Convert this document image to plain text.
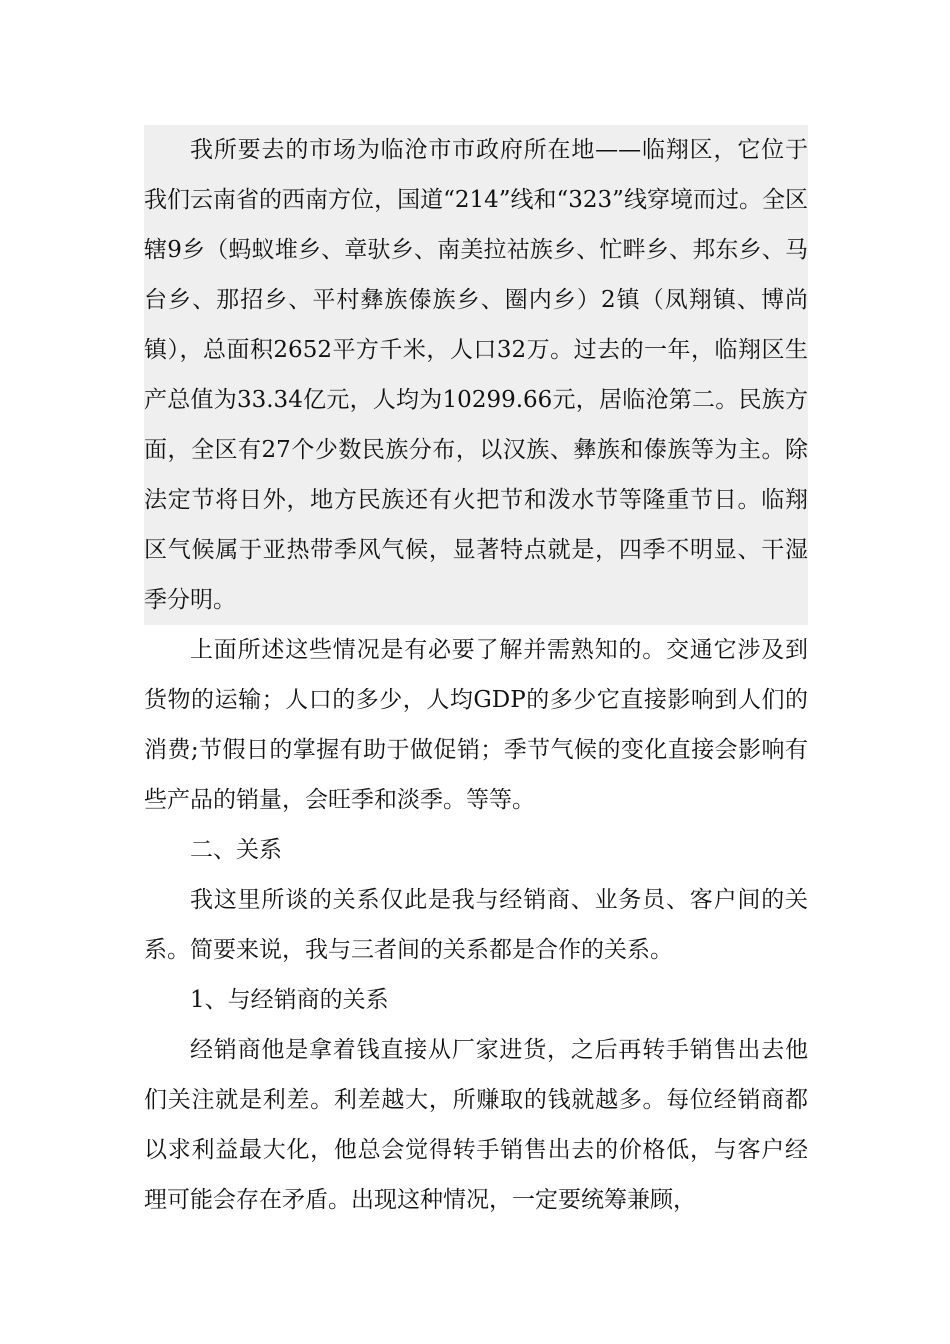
我所要去的市场为临沧市市政府所在地——临翔区，它位于我们云南省的西南方位，国道“214”线和“323”线穿境而过。全区辖9乡（蚂蚁堆乡、章驮乡、南美拉祜族乡、忙畔乡、邦东乡、马台乡、那招乡、平村彝族傣族乡、圈内乡）2镇（凤翔镇、博尚镇），总面积2652平方千米，人口32万。过去的一年，临翔区生产总值为33.34亿元，人均为10299.66元，居临沧第二。民族方面，全区有27个少数民族分布，以汉族、彝族和傣族等为主。除法定节将日外，地方民族还有火把节和泼水节等隆重节日。临翔区气候属于亚热带季风气候，显著特点就是，四季不明显、干湿季分明。

上面所述这些情况是有必要了解并需熟知的。交通它涉及到货物的运输；人口的多少，人均GDP的多少它直接影响到人们的消费;节假日的掌握有助于做促销；季节气候的变化直接会影响有些产品的销量，会旺季和淡季。等等。

二、关系

我这里所谈的关系仅此是我与经销商、业务员、客户间的关系。简要来说，我与三者间的关系都是合作的关系。

1、与经销商的关系

经销商他是拿着钱直接从厂家进货，之后再转手销售出去他们关注就是利差。利差越大，所赚取的钱就越多。每位经销商都以求利益最大化，他总会觉得转手销售出去的价格低，与客户经理可能会存在矛盾。出现这种情况，一定要统筹兼顾，
